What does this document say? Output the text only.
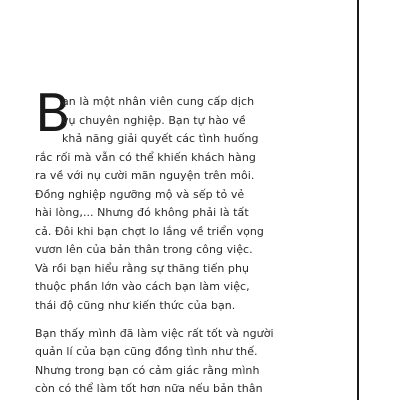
B
ạn là một nhân viên cung cấp dịch
vụ chuyên nghiệp. Bạn tự hào về
khả năng giải quyết các tình huống
rắc rối mà vẫn có thể khiến khách hàng
ra về với nụ cười mãn nguyện trên môi.
Đồng nghiệp ngưỡng mộ và sếp tỏ vẻ
hài lòng,... Nhưng đó không phải là tất
cả. Đôi khi bạn chợt lo lắng về triển vọng
vươn lên của bản thân trong công việc.
Và rồi bạn hiểu rằng sự thăng tiến phụ
thuộc phần lớn vào cách bạn làm việc,
thái độ cũng như kiến thức của bạn.
Bạn thấy mình đã làm việc rất tốt và người
quản lí của bạn cũng đồng tình như thế.
Nhưng trong bạn có cảm giác rằng mình
còn có thể làm tốt hơn nữa nếu bản thân
